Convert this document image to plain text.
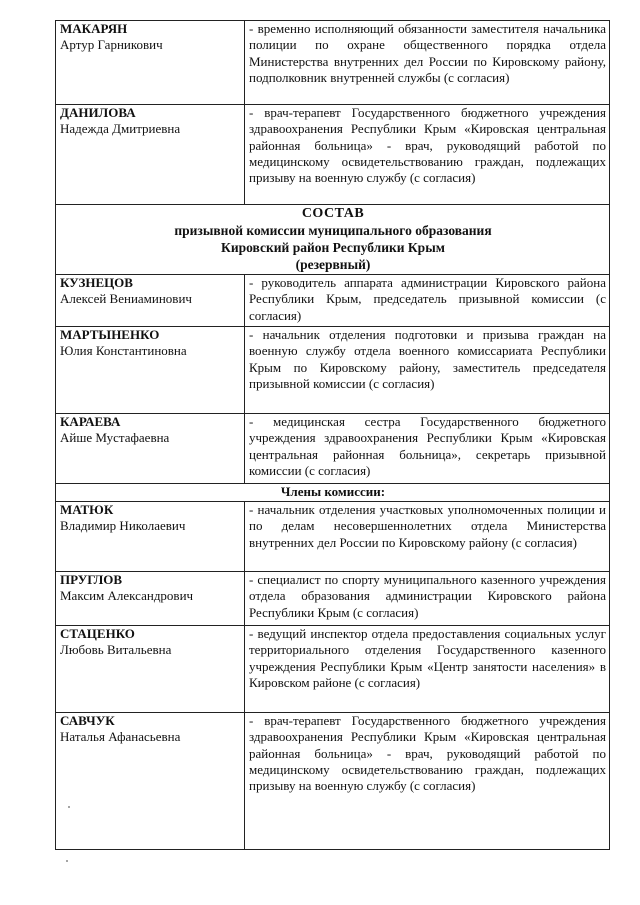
МАКАРЯН
Артур Гарникович	- временно исполняющий обязанности заместителя начальника полиции по охране общественного порядка отдела Министерства внутренних дел России по Кировскому району, подполковник внутренней службы (с согласия)

ДАНИЛОВА
Надежда Дмитриевна	- врач-терапевт Государственного бюджетного учреждения здравоохранения Республики Крым «Кировская центральная районная больница» - врач, руководящий работой по медицинскому освидетельствованию граждан, подлежащих призыву на военную службу (с согласия)

СОСТАВ
призывной комиссии муниципального образования
Кировский район Республики Крым
(резервный)	

КУЗНЕЦОВ
Алексей Вениаминович	- руководитель аппарата администрации Кировского района Республики Крым, председатель призывной комиссии (с согласия)

МАРТЫНЕНКО
Юлия Константиновна	- начальник отделения подготовки и призыва граждан на военную службу отдела военного комиссариата Республики Крым по Кировскому району, заместитель председателя призывной комиссии (с согласия)

КАРАЕВА
Айше Мустафаевна	- медицинская сестра Государственного бюджетного учреждения здравоохранения Республики Крым «Кировская центральная районная больница», секретарь призывной комиссии (с согласия)
Члены комиссии:	

МАТЮК
Владимир Николаевич	- начальник отделения участковых уполномоченных полиции и по делам несовершеннолетних отдела Министерства внутренних дел России по Кировскому району (с согласия)

ПРУГЛОВ
Максим Александрович	- специалист по спорту муниципального казенного учреждения отдела образования администрации Кировского района Республики Крым (с согласия)

СТАЦЕНКО
Любовь Витальевна	- ведущий инспектор отдела предоставления социальных услуг территориального отделения Государственного казенного учреждения Республики Крым «Центр занятости населения» в Кировском районе (с согласия)

САВЧУК
Наталья Афанасьевна	- врач-терапевт Государственного бюджетного учреждения здравоохранения Республики Крым «Кировская центральная районная больница» - врач, руководящий работой по медицинскому освидетельствованию граждан, подлежащих призыву на военную службу (с согласия)
